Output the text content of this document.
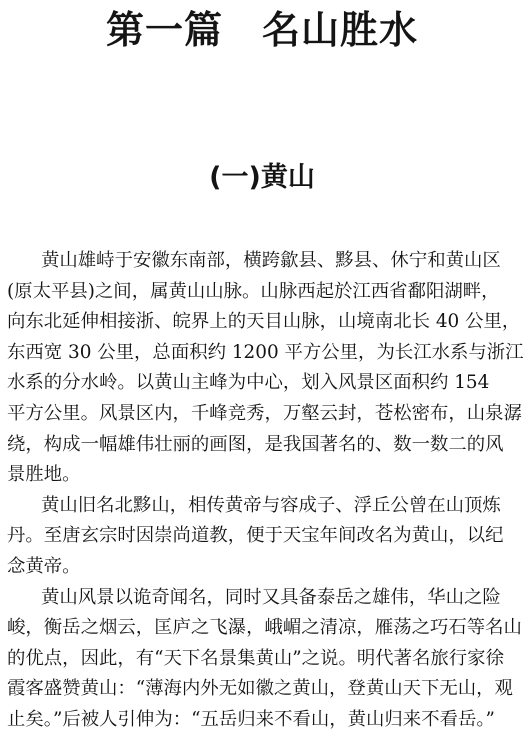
第一篇　名山胜水
(一)黄山
黄山雄峙于安徽东南部，横跨歙县、黟县、休宁和黄山区
(原太平县)之间，属黄山山脉。山脉西起於江西省鄱阳湖畔，
向东北延伸相接浙、皖界上的天目山脉，山境南北长 40 公里，
东西宽 30 公里，总面积约 1200 平方公里，为长江水系与浙江
水系的分水岭。以黄山主峰为中心，划入风景区面积约 154
平方公里。风景区内，千峰竞秀，万壑云封，苍松密布，山泉潺
绕，构成一幅雄伟壮丽的画图，是我国著名的、数一数二的风
景胜地。
黄山旧名北黟山，相传黄帝与容成子、浮丘公曾在山顶炼
丹。至唐玄宗时因崇尚道教，便于天宝年间改名为黄山，以纪
念黄帝。
黄山风景以诡奇闻名，同时又具备泰岳之雄伟，华山之险
峻，衡岳之烟云，匡庐之飞瀑，峨嵋之清凉，雁荡之巧石等名山
的优点，因此，有“天下名景集黄山”之说。明代著名旅行家徐
霞客盛赞黄山：“薄海内外无如徽之黄山，登黄山天下无山，观
止矣。”后被人引伸为：“五岳归来不看山，黄山归来不看岳。”
